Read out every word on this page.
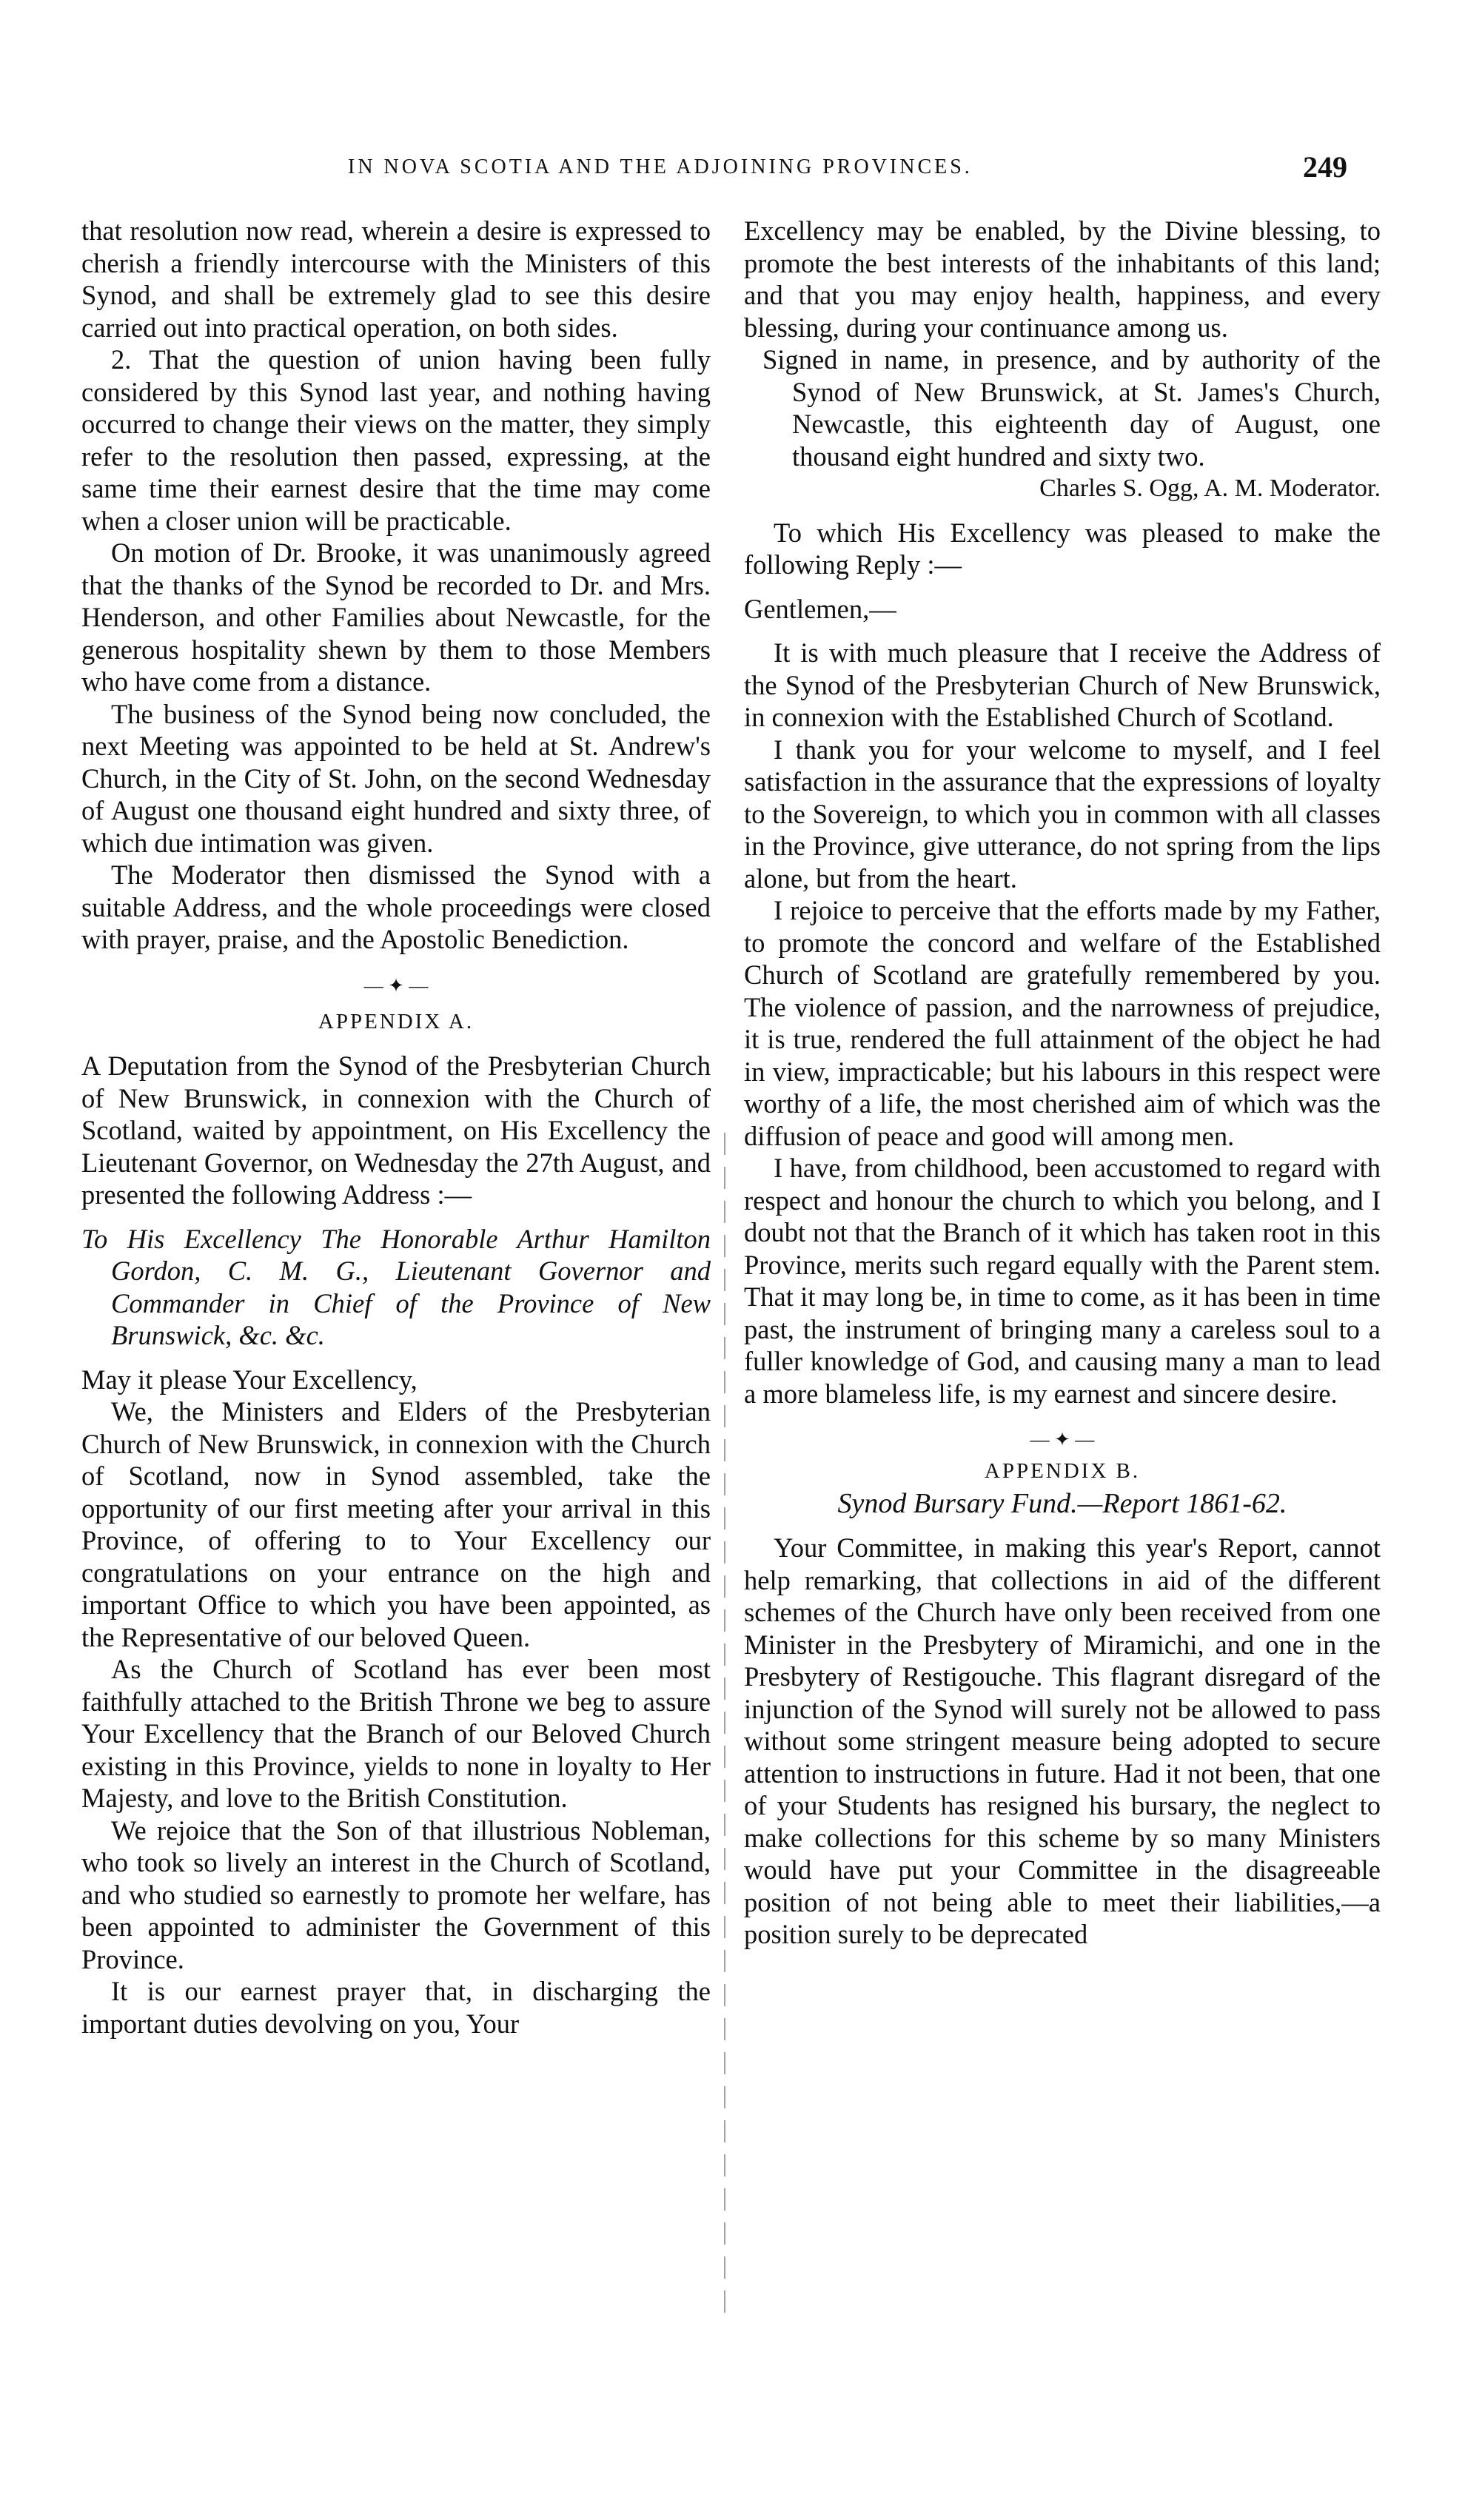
IN NOVA SCOTIA AND THE ADJOINING PROVINCES.	249

that resolution now read, wherein a desire is expressed to cherish a friendly intercourse with the Ministers of this Synod, and shall be extremely glad to see this desire carried out into practical operation, on both sides.

2. That the question of union having been fully considered by this Synod last year, and nothing having occurred to change their views on the matter, they simply refer to the resolution then passed, expressing, at the same time their earnest desire that the time may come when a closer union will be practicable.

On motion of Dr. Brooke, it was unanimously agreed that the thanks of the Synod be recorded to Dr. and Mrs. Henderson, and other Families about Newcastle, for the generous hospitality shewn by them to those Members who have come from a distance.

The business of the Synod being now concluded, the next Meeting was appointed to be held at St. Andrew's Church, in the City of St. John, on the second Wednesday of August one thousand eight hundred and sixty three, of which due intimation was given.

The Moderator then dismissed the Synod with a suitable Address, and the whole proceedings were closed with prayer, praise, and the Apostolic Benediction.

— ✦ —

APPENDIX A.

A Deputation from the Synod of the Presbyterian Church of New Brunswick, in connexion with the Church of Scotland, waited by appointment, on His Excellency the Lieutenant Governor, on Wednesday the 27th August, and presented the following Address :—

To His Excellency The Honorable Arthur Hamilton Gordon, C. M. G., Lieutenant Governor and Commander in Chief of the Province of New Brunswick, &c. &c.

May it please Your Excellency,

We, the Ministers and Elders of the Presbyterian Church of New Brunswick, in connexion with the Church of Scotland, now in Synod assembled, take the opportunity of our first meeting after your arrival in this Province, of offering to to Your Excellency our congratulations on your entrance on the high and important Office to which you have been appointed, as the Representative of our beloved Queen.

As the Church of Scotland has ever been most faithfully attached to the British Throne we beg to assure Your Excellency that the Branch of our Beloved Church existing in this Province, yields to none in loyalty to Her Majesty, and love to the British Constitution.

We rejoice that the Son of that illustrious Nobleman, who took so lively an interest in the Church of Scotland, and who studied so earnestly to promote her welfare, has been appointed to administer the Government of this Province.

It is our earnest prayer that, in discharging the important duties devolving on you, Your

Excellency may be enabled, by the Divine blessing, to promote the best interests of the inhabitants of this land; and that you may enjoy health, happiness, and every blessing, during your continuance among us.

Signed in name, in presence, and by authority of the Synod of New Brunswick, at St. James's Church, Newcastle, this eighteenth day of August, one thousand eight hundred and sixty two.

Charles S. Ogg, A. M. Moderator.

To which His Excellency was pleased to make the following Reply :—

Gentlemen,—

It is with much pleasure that I receive the Address of the Synod of the Presbyterian Church of New Brunswick, in connexion with the Established Church of Scotland.

I thank you for your welcome to myself, and I feel satisfaction in the assurance that the expressions of loyalty to the Sovereign, to which you in common with all classes in the Province, give utterance, do not spring from the lips alone, but from the heart.

I rejoice to perceive that the efforts made by my Father, to promote the concord and welfare of the Established Church of Scotland are gratefully remembered by you. The violence of passion, and the narrowness of prejudice, it is true, rendered the full attainment of the object he had in view, impracticable; but his labours in this respect were worthy of a life, the most cherished aim of which was the diffusion of peace and good will among men.

I have, from childhood, been accustomed to regard with respect and honour the church to which you belong, and I doubt not that the Branch of it which has taken root in this Province, merits such regard equally with the Parent stem. That it may long be, in time to come, as it has been in time past, the instrument of bringing many a careless soul to a fuller knowledge of God, and causing many a man to lead a more blameless life, is my earnest and sincere desire.

— ✦ —

APPENDIX B.

Synod Bursary Fund.—Report 1861-62.

Your Committee, in making this year's Report, cannot help remarking, that collections in aid of the different schemes of the Church have only been received from one Minister in the Presbytery of Miramichi, and one in the Presbytery of Restigouche. This flagrant disregard of the injunction of the Synod will surely not be allowed to pass without some stringent measure being adopted to secure attention to instructions in future. Had it not been, that one of your Students has resigned his bursary, the neglect to make collections for this scheme by so many Ministers would have put your Committee in the disagreeable position of not being able to meet their liabilities,—a position surely to be deprecated
